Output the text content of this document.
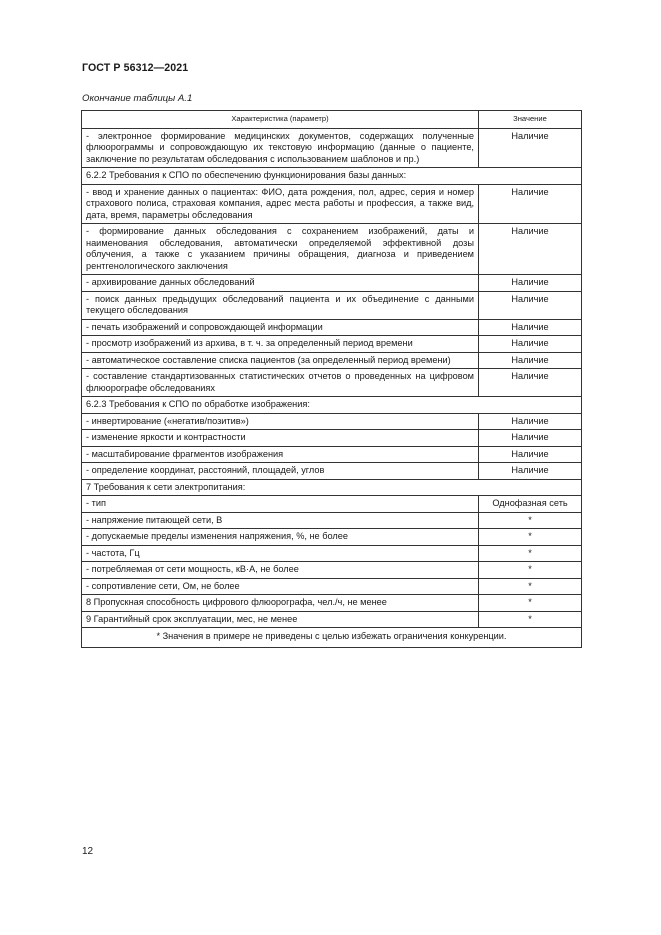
ГОСТ Р 56312—2021
Окончание таблицы А.1
Характеристика (параметр)	Значение
- электронное формирование медицинских документов, содержащих полученные флюорограммы и сопровождающую их текстовую информацию (данные о пациенте, заключение по результатам обследования с использованием шаблонов и пр.)	Наличие
6.2.2 Требования к СПО по обеспечению функционирования базы данных:	
- ввод и хранение данных о пациентах: ФИО, дата рождения, пол, адрес, серия и номер страхового полиса, страховая компания, адрес места работы и профессия, а также вид, дата, время, параметры обследования	Наличие
- формирование данных обследования с сохранением изображений, даты и наименования обследования, автоматически определяемой эффективной дозы облучения, а также с указанием причины обращения, диагноза и приведением рентгенологического заключения	Наличие
- архивирование данных обследований	Наличие
- поиск данных предыдущих обследований пациента и их объединение с данными текущего обследования	Наличие
- печать изображений и сопровождающей информации	Наличие
- просмотр изображений из архива, в т. ч. за определенный период времени	Наличие
- автоматическое составление списка пациентов (за определенный период времени)	Наличие
- составление стандартизованных статистических отчетов о проведенных на цифровом флюорографе обследованиях	Наличие
6.2.3 Требования к СПО по обработке изображения:	
- инвертирование («негатив/позитив»)	Наличие
- изменение яркости и контрастности	Наличие
- масштабирование фрагментов изображения	Наличие
- определение координат, расстояний, площадей, углов	Наличие
7 Требования к сети электропитания:	
- тип	Однофазная сеть
- напряжение питающей сети, В	*
- допускаемые пределы изменения напряжения, %, не более	*
- частота, Гц	*
- потребляемая от сети мощность, кВ·А, не более	*
- сопротивление сети, Ом, не более	*
8 Пропускная способность цифрового флюорографа, чел./ч, не менее	*
9 Гарантийный срок эксплуатации, мес, не менее	*
* Значения в примере не приведены с целью избежать ограничения конкуренции.	
12
